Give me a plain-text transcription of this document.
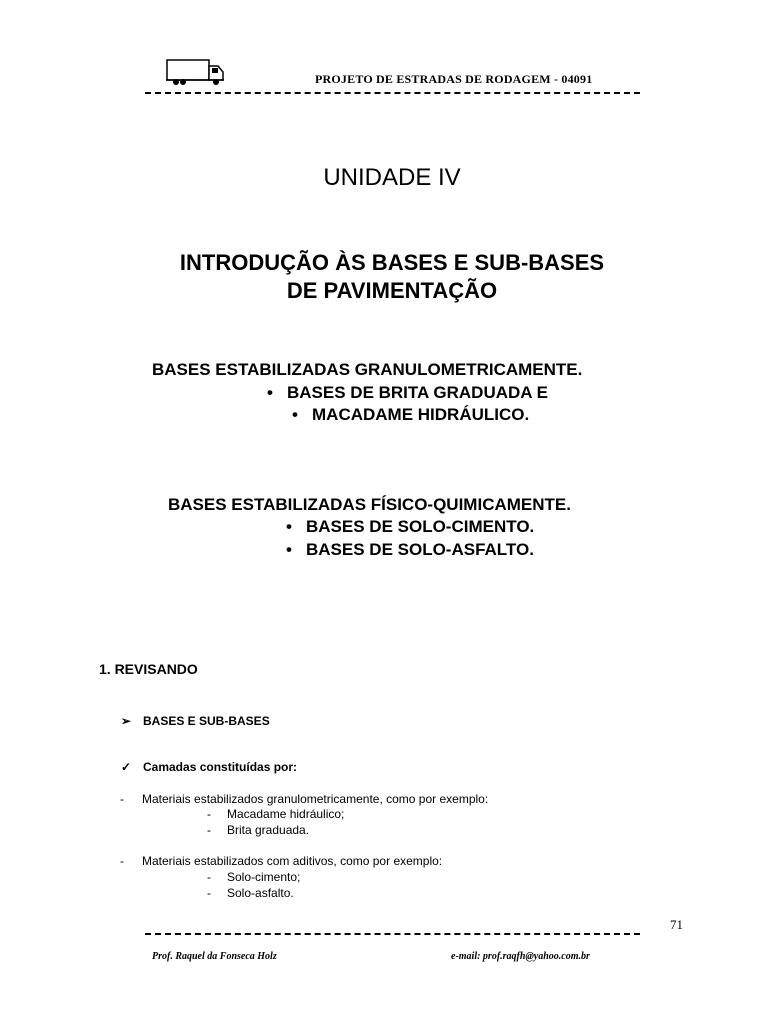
PROJETO DE ESTRADAS DE RODAGEM - 04091
UNIDADE IV
INTRODUÇÃO ÀS BASES E SUB-BASES
DE PAVIMENTAÇÃO
BASES ESTABILIZADAS GRANULOMETRICAMENTE.
• BASES DE BRITA GRADUADA E
• MACADAME HIDRÁULICO.
BASES ESTABILIZADAS FÍSICO-QUIMICAMENTE.
• BASES DE SOLO-CIMENTO.
• BASES DE SOLO-ASFALTO.
1. REVISANDO
➢ BASES E SUB-BASES
✓ Camadas constituídas por:
- Materiais estabilizados granulometricamente, como por exemplo:
- Macadame hidráulico;
- Brita graduada.
- Materiais estabilizados com aditivos, como por exemplo:
- Solo-cimento;
- Solo-asfalto.
71
Prof. Raquel da Fonseca Holz	e-mail: prof.raqfh@yahoo.com.br
